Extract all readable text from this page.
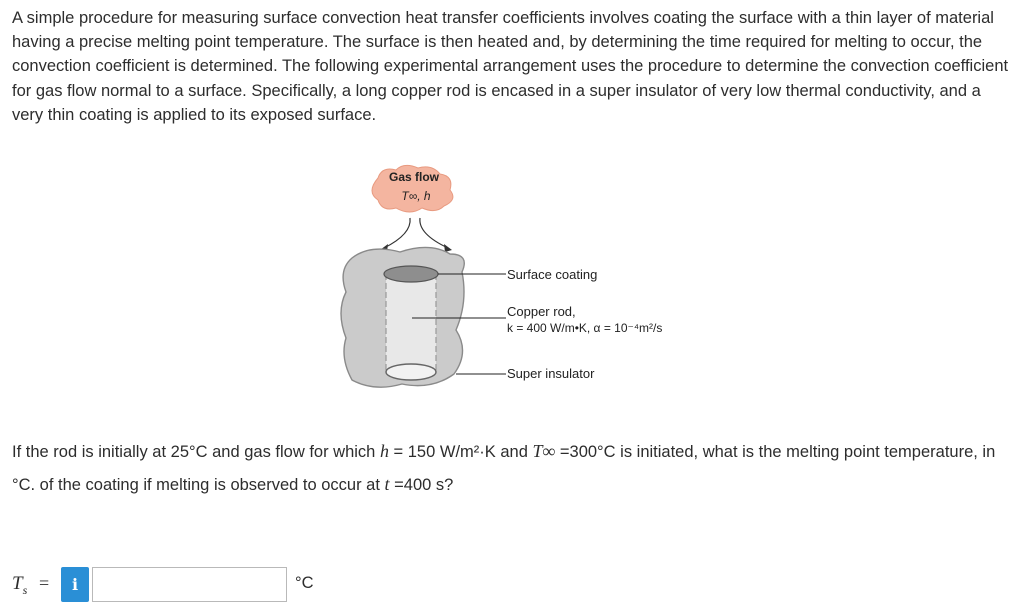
A simple procedure for measuring surface convection heat transfer coefficients involves coating the surface with a thin layer of material having a precise melting point temperature. The surface is then heated and, by determining the time required for melting to occur, the convection coefficient is determined. The following experimental arrangement uses the procedure to determine the convection coefficient for gas flow normal to a surface. Specifically, a long copper rod is encased in a super insulator of very low thermal conductivity, and a very thin coating is applied to its exposed surface.

Gas flow
T∞, h
Surface coating
Copper rod,
k = 400 W/m•K, α = 10⁻⁴m²/s
Super insulator

If the rod is initially at 25°C and gas flow for which h = 150 W/m²·K and T∞ =300°C is initiated, what is the melting point temperature, in °C. of the coating if melting is observed to occur at t =400 s?

$T_s$ =	i	°C
